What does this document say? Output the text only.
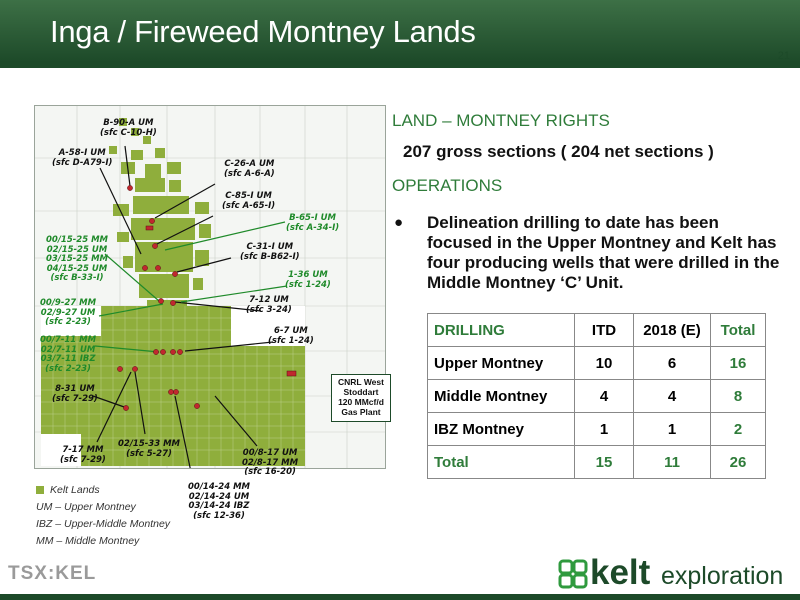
Inga / Fireweed Montney Lands
21
B-90-A UM
(sfc C-10-H)
A-58-I UM
(sfc D-A79-I)	C-26-A UM
(sfc A-6-A)
C-85-I UM
(sfc A-65-I)
B-65-I UM
(sfc A-34-I)
00/15-25 MM
02/15-25 UM
03/15-25 MM
04/15-25 UM
(sfc B-33-I)
C-31-I UM
(sfc B-B62-I)
1-36 UM
(sfc 1-24)
00/9-27 MM
02/9-27 UM
(sfc 2-23)
7-12 UM
(sfc 3-24)
00/7-11 MM
02/7-11 UM
03/7-11 IBZ
(sfc 2-23)
6-7 UM
(sfc 1-24)
8-31 UM
(sfc 7-29)
7-17 MM
(sfc 7-29)
02/15-33 MM
(sfc 5-27)	00/8-17 UM
02/8-17 MM
(sfc 16-20)
00/14-24 MM
02/14-24 UM
03/14-24 IBZ
(sfc 12-36)
CNRL West
Stoddart
120 MMcf/d
Gas Plant
Kelt Lands
UM – Upper Montney
IBZ – Upper-Middle Montney
MM – Middle Montney
LAND – MONTNEY RIGHTS
207 gross sections ( 204 net sections )
OPERATIONS
● Delineation drilling to date has been focused in the Upper Montney and Kelt has four producing wells that were drilled in the Middle Montney ‘C’ Unit.
DRILLING	ITD	2018 (E)	Total
Upper Montney	10	6	16
Middle Montney	4	4	8
IBZ Montney	1	1	2
Total	15	11	26
TSX:KEL	kelt exploration
